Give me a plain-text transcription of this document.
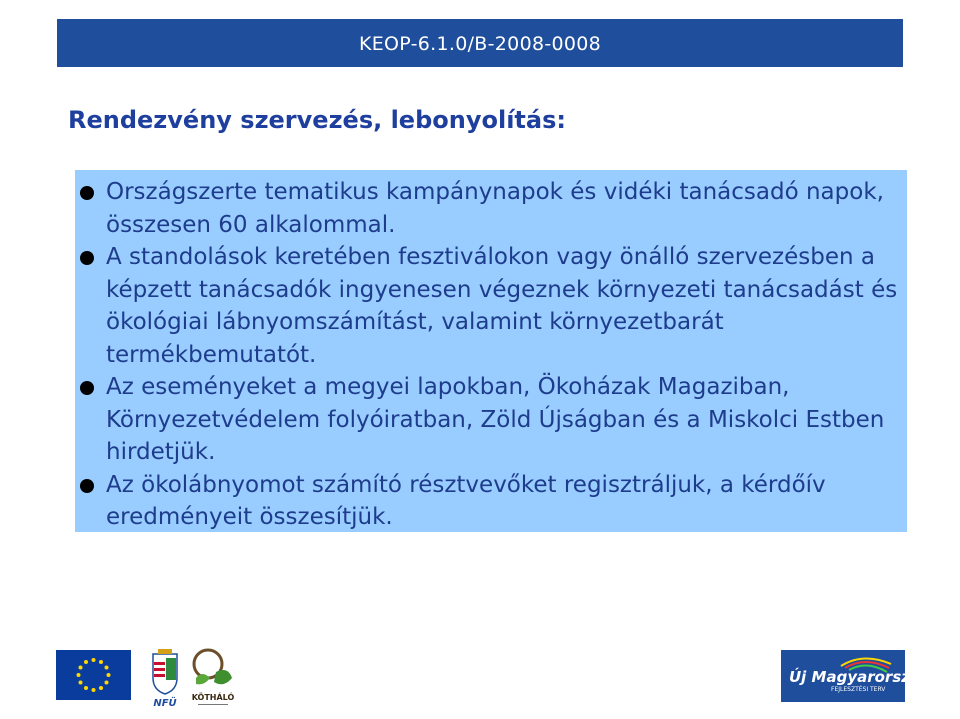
KEOP-6.1.0/B-2008-0008
Rendezvény szervezés, lebonyolítás:
Országszerte tematikus kampánynapok és vidéki tanácsadó napok, összesen 60 alkalommal.
A standolások keretében fesztiválokon vagy önálló szervezésben a képzett tanácsadók ingyenesen végeznek környezeti tanácsadást és ökológiai lábnyomszámítást, valamint környezetbarát termékbemutatót.
Az eseményeket a megyei lapokban, Ökoházak Magaziban, Környezetvédelem folyóiratban, Zöld Újságban és a Miskolci Estben hirdetjük.
Az ökolábnyomot számító résztvevőket regisztráljuk, a kérdőív eredményeit összesítjük.
NFÜ
KÖTHÁLÓ
Új Magyarország
FEJLESZTÉSI TERV
